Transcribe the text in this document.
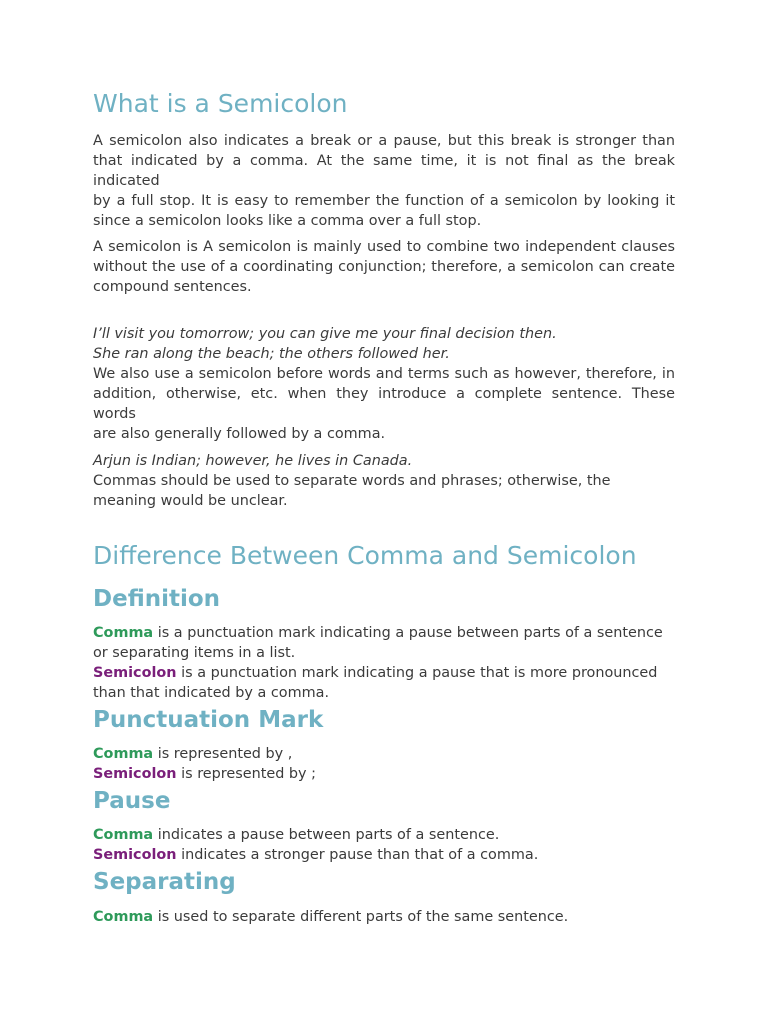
What is a Semicolon
A semicolon also indicates a break or a pause, but this break is stronger than
that indicated by a comma. At the same time, it is not final as the break indicated
by a full stop. It is easy to remember the function of a semicolon by looking it
since a semicolon looks like a comma over a full stop.
A semicolon is A semicolon is mainly used to combine two independent clauses
without the use of a coordinating conjunction; therefore, a semicolon can create
compound sentences.
I’ll visit you tomorrow; you can give me your final decision then.
She ran along the beach; the others followed her.
We also use a semicolon before words and terms such as however, therefore, in
addition, otherwise, etc. when they introduce a complete sentence. These words
are also generally followed by a comma.
Arjun is Indian; however, he lives in Canada.
Commas should be used to separate words and phrases; otherwise, the
meaning would be unclear.
Difference Between Comma and Semicolon
Definition
Comma is a punctuation mark indicating a pause between parts of a sentence
or separating items in a list.
Semicolon is a punctuation mark indicating a pause that is more pronounced
than that indicated by a comma.
Punctuation Mark
Comma is represented by ,
Semicolon is represented by ;
Pause
Comma indicates a pause between parts of a sentence.
Semicolon indicates a stronger pause than that of a comma.
Separating
Comma is used to separate different parts of the same sentence.
